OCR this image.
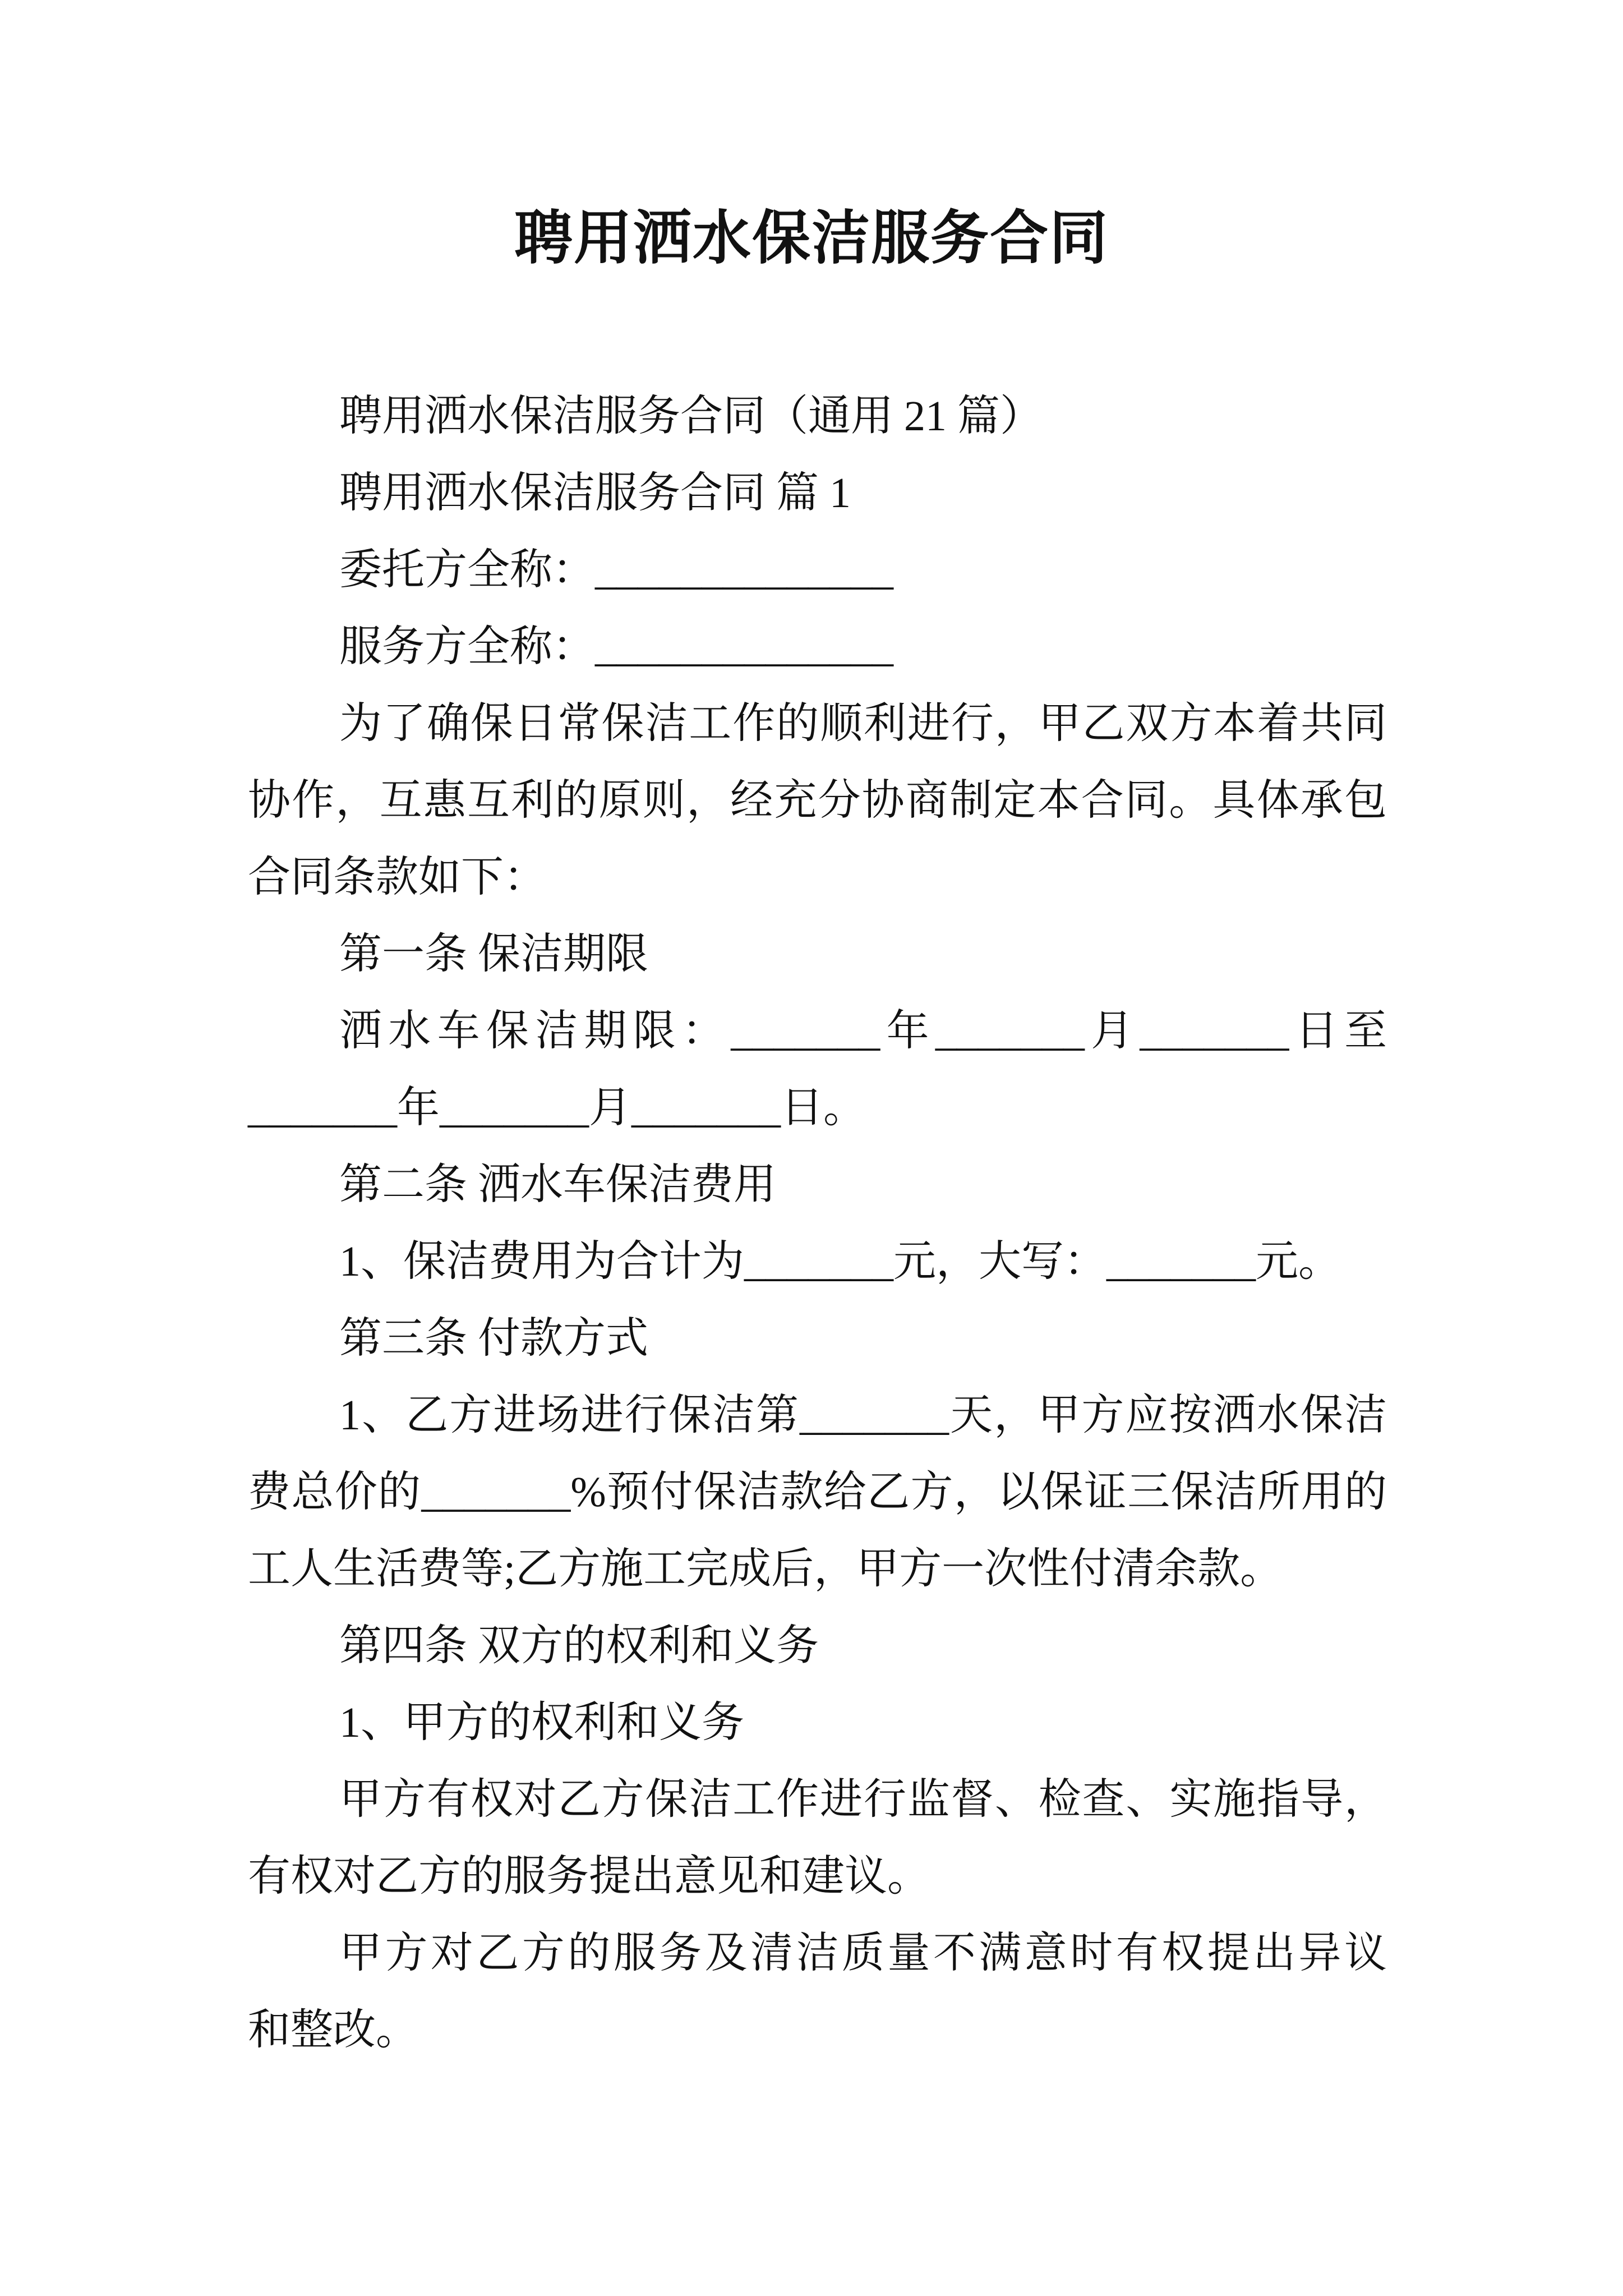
聘用洒水保洁服务合同
聘用洒水保洁服务合同（通用 21 篇）
聘用洒水保洁服务合同 篇 1
委托方全称：______________
服务方全称：______________
为了确保日常保洁工作的顺利进行，甲乙双方本着共同
协作，互惠互利的原则，经充分协商制定本合同。具体承包
合同条款如下：
第一条 保洁期限
洒水车保洁期限：_______年_______月_______日至
_______年_______月_______日。
第二条 洒水车保洁费用
1、保洁费用为合计为_______元，大写：_______元。
第三条 付款方式
1、乙方进场进行保洁第_______天，甲方应按洒水保洁
费总价的_______%预付保洁款给乙方，以保证三保洁所用的
工人生活费等;乙方施工完成后，甲方一次性付清余款。
第四条 双方的权利和义务
1、甲方的权利和义务
甲方有权对乙方保洁工作进行监督、检查、实施指导，
有权对乙方的服务提出意见和建议。
甲方对乙方的服务及清洁质量不满意时有权提出异议
和整改。
